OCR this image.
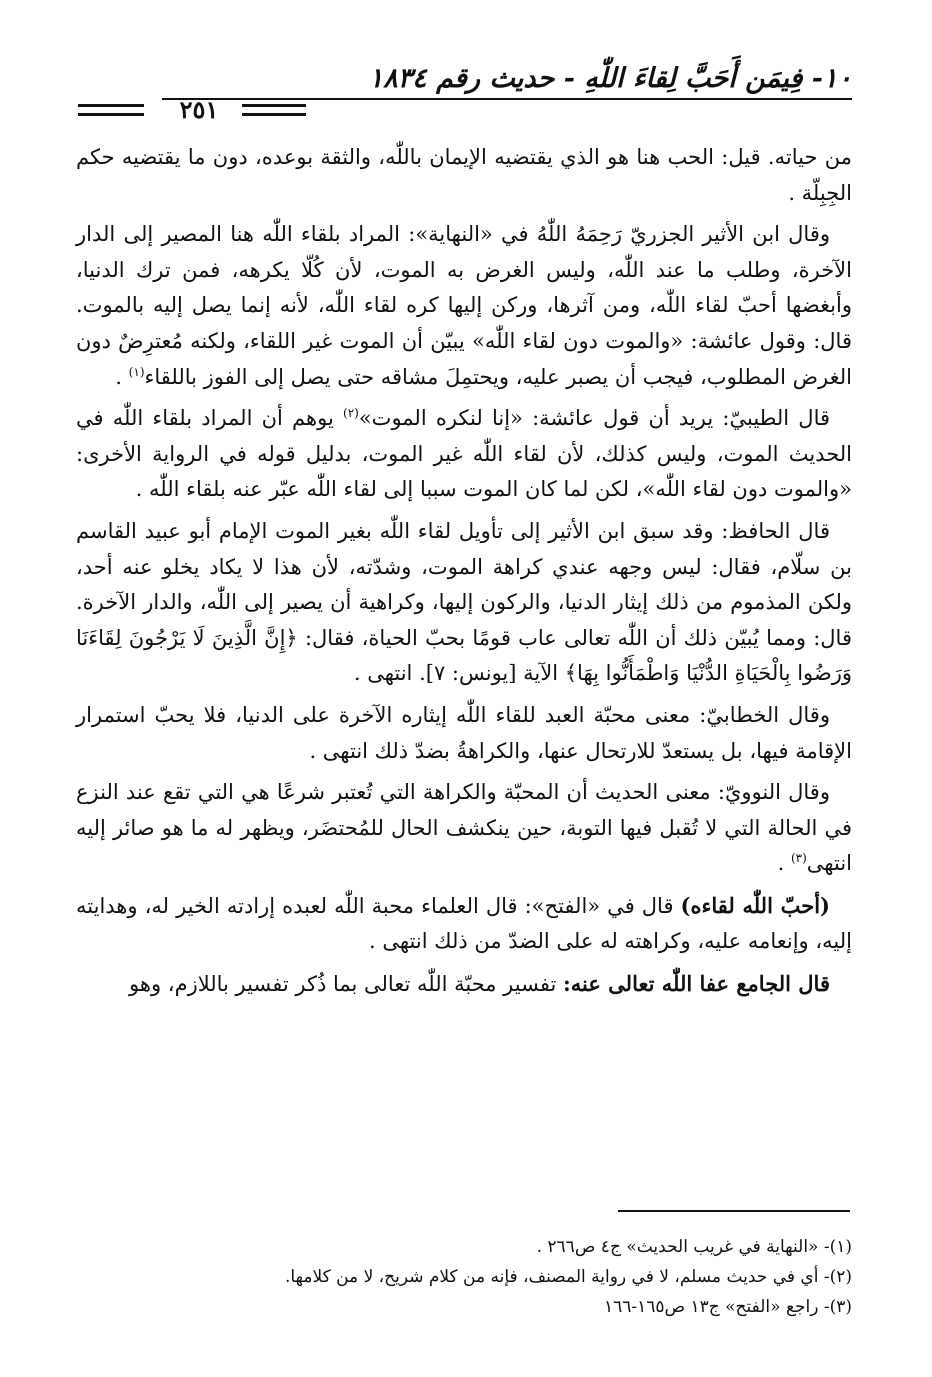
١٠- فِيمَن أَحَبَّ لِقاءَ اللّٰهِ - حديث رقم ١٨٣٤
٢٥١

من حياته. قيل: الحب هنا هو الذي يقتضيه الإيمان باللّٰه، والثقة بوعده، دون ما يقتضيه حكم الجِبِلّة .

وقال ابن الأثير الجزريّ رَحِمَهُ اللّٰهُ في «النهاية»: المراد بلقاء اللّٰه هنا المصير إلى الدار الآخرة، وطلب ما عند اللّٰه، وليس الغرض به الموت، لأن كُلّا يكرهه، فمن ترك الدنيا، وأبغضها أحبّ لقاء اللّٰه، ومن آثرها، وركن إليها كره لقاء اللّٰه، لأنه إنما يصل إليه بالموت. قال: وقول عائشة: «والموت دون لقاء اللّٰه» يبيّن أن الموت غير اللقاء، ولكنه مُعترِضٌ دون الغرض المطلوب، فيجب أن يصبر عليه، ويحتمِلَ مشاقه حتى يصل إلى الفوز باللقاء$^{(١)}$ .

قال الطيبيّ: يريد أن قول عائشة: «إنا لنكره الموت»$^{(٢)}$ يوهم أن المراد بلقاء اللّٰه في الحديث الموت، وليس كذلك، لأن لقاء اللّٰه غير الموت، بدليل قوله في الرواية الأخرى: «والموت دون لقاء اللّٰه»، لكن لما كان الموت سببا إلى لقاء اللّٰه عبّر عنه بلقاء اللّٰه .

قال الحافظ: وقد سبق ابن الأثير إلى تأويل لقاء اللّٰه بغير الموت الإمام أبو عبيد القاسم بن سلّام، فقال: ليس وجهه عندي كراهة الموت، وشدّته، لأن هذا لا يكاد يخلو عنه أحد، ولكن المذموم من ذلك إيثار الدنيا، والركون إليها، وكراهية أن يصير إلى اللّٰه، والدار الآخرة. قال: ومما يُبيّن ذلك أن اللّٰه تعالى عاب قومًا بحبّ الحياة، فقال: ﴿إِنَّ الَّذِينَ لَا يَرْجُونَ لِقَاءَنَا وَرَضُوا بِالْحَيَاةِ الدُّنْيَا وَاطْمَأَنُّوا بِهَا﴾ الآية [يونس: ٧]. انتهى .

وقال الخطابيّ: معنى محبّة العبد للقاء اللّٰه إيثاره الآخرة على الدنيا، فلا يحبّ استمرار الإقامة فيها، بل يستعدّ للارتحال عنها، والكراهةُ بضدّ ذلك انتهى .

وقال النوويّ: معنى الحديث أن المحبّة والكراهة التي تُعتبر شرعًا هي التي تقع عند النزع في الحالة التي لا تُقبل فيها التوبة، حين ينكشف الحال للمُحتضَر، ويظهر له ما هو صائر إليه انتهى$^{(٣)}$ .

(أحبّ اللّٰه لقاءه) قال في «الفتح»: قال العلماء محبة اللّٰه لعبده إرادته الخير له، وهدايته إليه، وإنعامه عليه، وكراهته له على الضدّ من ذلك انتهى .

قال الجامع عفا اللّٰه تعالى عنه: تفسير محبّة اللّٰه تعالى بما ذُكر تفسير باللازم، وهو

(١)- «النهاية في غريب الحديث» ج٤ ص٢٦٦ .
(٢)- أي في حديث مسلم، لا في رواية المصنف، فإنه من كلام شريح، لا من كلامها.
(٣)- راجع «الفتح» ج١٣ ص١٦٥-١٦٦
